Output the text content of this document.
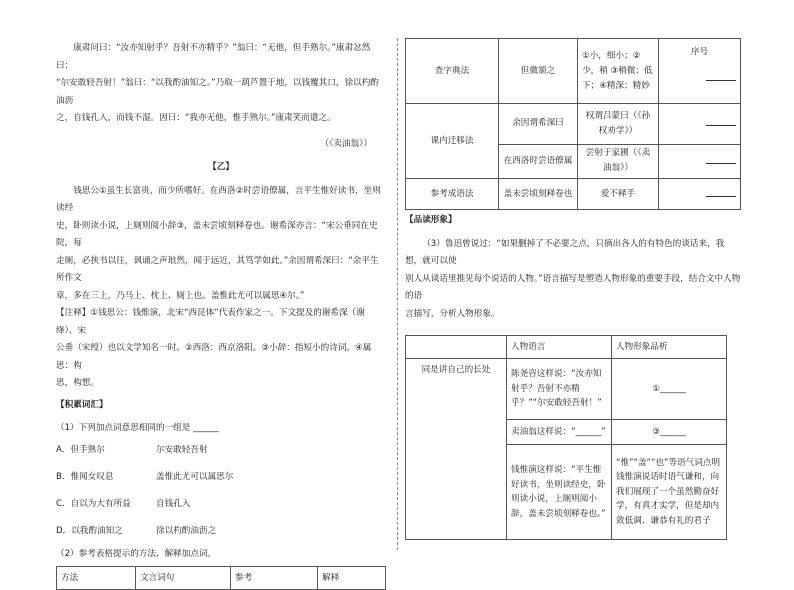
康肃问曰：“汝亦知射乎？吾射不亦精乎？”翁曰：“无他，但手熟尔。”康肃忿然曰：

“尔安敢轻吾射！”翁曰：“以我酌油知之。”乃取一葫芦置于地，以钱覆其口，徐以杓酌油沥

之，自钱孔入，而钱不湿。因曰：“我亦无他，惟手熟尔。”康肃笑而遣之。

（《卖油翁》）

【乙】

钱思公①虽生长富贵，而少所嗜好。在西洛②时尝语僚属，言平生惟好读书，坐则读经

史，卧则读小说，上厕则阅小辞③，盖未尝顷刻释卷也。谢希深亦言：“宋公垂同在史院，每

走厕，必挟书以往，讽诵之声琅然，闻于远近，其笃学如此。”余因谓希深曰：“余平生所作文

章，多在三上，乃马上、枕上、厕上也。盖惟此尤可以属思④尔。”

【注释】①钱思公：钱惟演，北宋“西昆体”代表作家之一。下文提及的谢希深（谢绛）、宋

公垂（宋绶）也以文学知名一时。②西洛：西京洛阳。③小辞：指短小的诗词。④属思：构

思，构想。

【积累词汇】

（1）下列加点词意思相同的一组是 ______

A．但手熟尔	尔安敢轻吾射
B．惟闻女叹息	盖惟此尤可以属思尔
C．自以为大有所益	自钱孔入
D．以我酌油知之	徐以杓酌油沥之

（2）参考表格提示的方法，解释加点词。

方法	文言词句	参考	解释
查字典法	但微颔之	①小，细小；②少，稍 ③稍微；低下；④精深；精妙	序号

课内迁移法	余因谓希深曰	权谓吕蒙曰（《孙权劝学》）	
	在西洛时尝语僚属	尝射于家圃（《卖油翁》）	
参考成语法	盖未尝顷刻释卷也	爱不释手	

【品读形象】

（3）鲁迅曾说过：“如果删掉了不必要之点，只摘出各人的有特色的谈话来，我想，就可以使

别人从谈话里推见每个说话的人物。”语言描写是塑造人物形象的重要手段，结合文中人物的语

言描写，分析人物形象。

	人物语言	人物形象品析
同是讲自己的长处	陈尧咨这样说：“汝亦知射乎？吾射不亦精乎？”“尔安敢轻吾射！”	①______
	卖油翁这样说：“______”	③______
	钱惟演这样说：“平生惟好读书，坐则读经史，卧则读小说，上厕则阅小辞，盖未尝顷刻释卷也。”	“惟”“盖”“也”等语气词点明钱惟演说话时语气谦和，向我们展现了一个虽然勤奋好学，有真才实学，但是却内敛低调、谦恭有礼的君子
